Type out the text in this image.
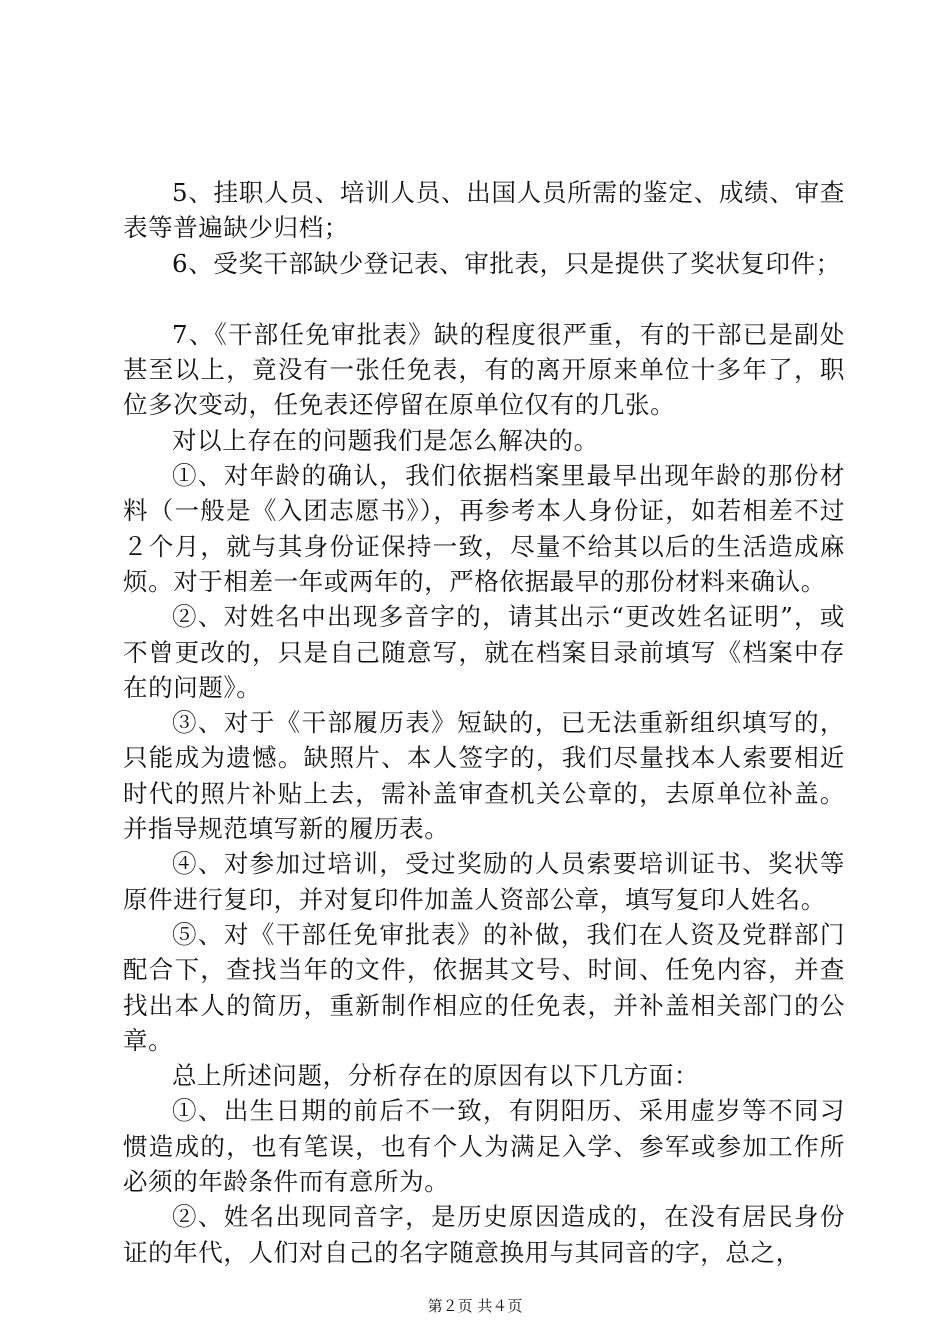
5、挂职人员、培训人员、出国人员所需的鉴定、成绩、审查表等普遍缺少归档；

6、受奖干部缺少登记表、审批表，只是提供了奖状复印件；

7、《干部任免审批表》缺的程度很严重，有的干部已是副处甚至以上，竟没有一张任免表，有的离开原来单位十多年了，职位多次变动，任免表还停留在原单位仅有的几张。

对以上存在的问题我们是怎么解决的。

①、对年龄的确认，我们依据档案里最早出现年龄的那份材料（一般是《入团志愿书》），再参考本人身份证，如若相差不过２个月，就与其身份证保持一致，尽量不给其以后的生活造成麻烦。对于相差一年或两年的，严格依据最早的那份材料来确认。

②、对姓名中出现多音字的，请其出示“更改姓名证明”，或不曾更改的，只是自己随意写，就在档案目录前填写《档案中存在的问题》。

③、对于《干部履历表》短缺的，已无法重新组织填写的，只能成为遗憾。缺照片、本人签字的，我们尽量找本人索要相近时代的照片补贴上去，需补盖审查机关公章的，去原单位补盖。并指导规范填写新的履历表。

④、对参加过培训，受过奖励的人员索要培训证书、奖状等原件进行复印，并对复印件加盖人资部公章，填写复印人姓名。

⑤、对《干部任免审批表》的补做，我们在人资及党群部门配合下，查找当年的文件，依据其文号、时间、任免内容，并查找出本人的简历，重新制作相应的任免表，并补盖相关部门的公章。

总上所述问题，分析存在的原因有以下几方面：

①、出生日期的前后不一致，有阴阳历、采用虚岁等不同习惯造成的，也有笔误，也有个人为满足入学、参军或参加工作所必须的年龄条件而有意所为。

②、姓名出现同音字，是历史原因造成的，在没有居民身份证的年代，人们对自己的名字随意换用与其同音的字，总之，

第２页 共４页
